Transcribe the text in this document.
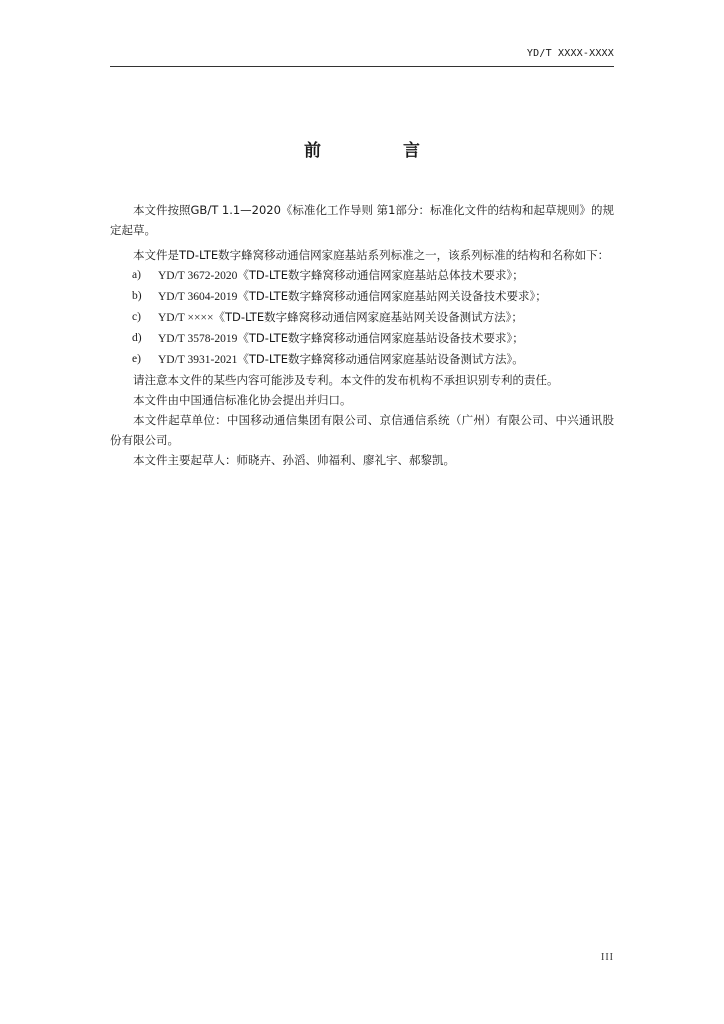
YD/T XXXX-XXXX
前 言

本文件按照GB/T 1.1—2020《标准化工作导则 第1部分：标准化文件的结构和起草规则》的规定起草。

本文件是TD-LTE数字蜂窝移动通信网家庭基站系列标准之一，该系列标准的结构和名称如下：

a)	YD/T 3672-2020《TD-LTE数字蜂窝移动通信网家庭基站总体技术要求》；
b)	YD/T 3604-2019《TD-LTE数字蜂窝移动通信网家庭基站网关设备技术要求》；
c)	YD/T ××××《TD-LTE数字蜂窝移动通信网家庭基站网关设备测试方法》；
d)	YD/T 3578-2019《TD-LTE数字蜂窝移动通信网家庭基站设备技术要求》；
e)	YD/T 3931-2021《TD-LTE数字蜂窝移动通信网家庭基站设备测试方法》。

请注意本文件的某些内容可能涉及专利。本文件的发布机构不承担识别专利的责任。

本文件由中国通信标准化协会提出并归口。

本文件起草单位：中国移动通信集团有限公司、京信通信系统（广州）有限公司、中兴通讯股份有限公司。

本文件主要起草人：师晓卉、孙滔、帅福利、廖礼宇、郝黎凯。

III
